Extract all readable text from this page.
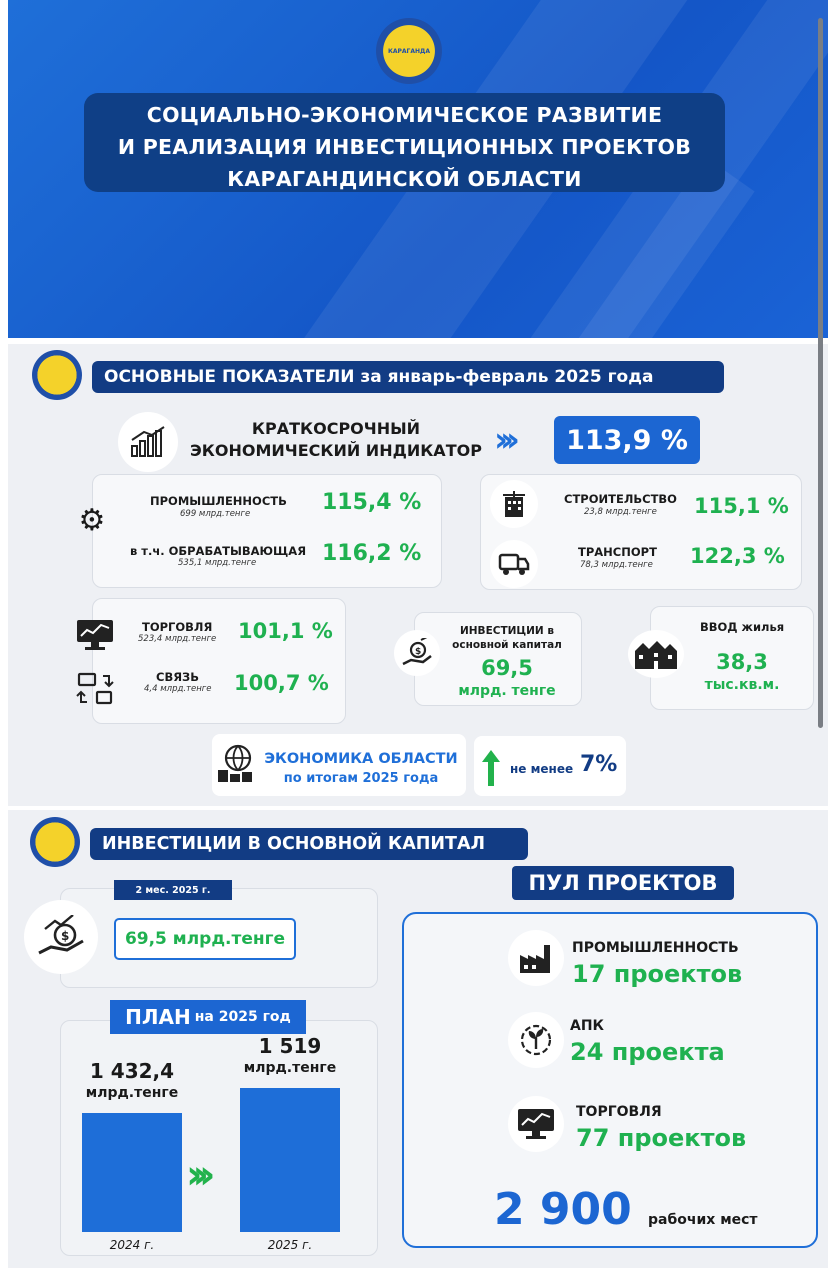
КАРАГАНДА
СОЦИАЛЬНО-ЭКОНОМИЧЕСКОЕ РАЗВИТИЕ
И РЕАЛИЗАЦИЯ ИНВЕСТИЦИОННЫХ ПРОЕКТОВ
КАРАГАНДИНСКОЙ ОБЛАСТИ
ОСНОВНЫЕ ПОКАЗАТЕЛИ за январь-февраль 2025 года
КРАТКОСРОЧНЫЙ
ЭКОНОМИЧЕСКИЙ ИНДИКАТОР ››› 113,9 %
⚙
ПРОМЫШЛЕННОСТЬ
699 млрд.тенге	115,4 %
в т.ч. ОБРАБАТЫВАЮЩАЯ
535,1 млрд.тенге	116,2 %
СТРОИТЕЛЬСТВО
23,8 млрд.тенге 115,1 %
ТРАНСПОРТ
78,3 млрд.тенге 122,3 %
ТОРГОВЛЯ
523,4 млрд.тенге 101,1 %
СВЯЗЬ
4,4 млрд.тенге 100,7 %
$
ИНВЕСТИЦИИ в
основной капитал
69,5
млрд. тенге
ВВОД жилья
38,3
тыс.кв.м.
ЭКОНОМИКА ОБЛАСТИ
по итогам 2025 года
не менее 7%
ИНВЕСТИЦИИ В ОСНОВНОЙ КАПИТАЛ
2 мес. 2025 г.
$	69,5 млрд.тенге
ПЛАН на 2025 год
1 432,4
млрд.тенге
2024 г.
1 519
млрд.тенге
2025 г.
›››
ПУЛ ПРОЕКТОВ
ПРОМЫШЛЕННОСТЬ
17 проектов
АПК
24 проекта
ТОРГОВЛЯ
77 проектов
2 900 рабочих мест
